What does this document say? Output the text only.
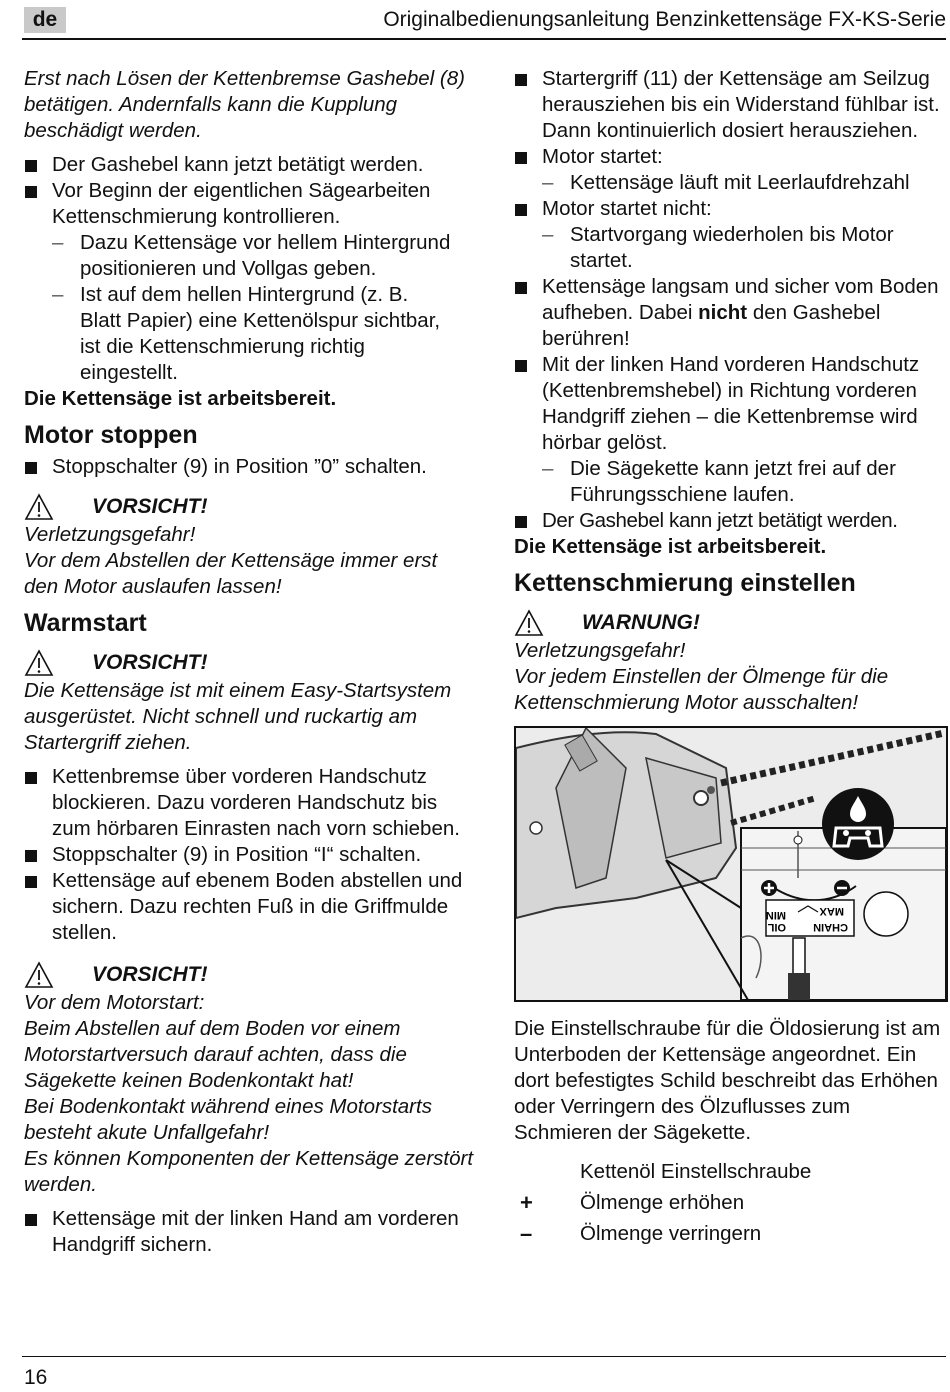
de	Originalbedienungsanleitung Benzinkettensäge FX-KS-Serie

Erst nach Lösen der Kettenbremse Gashebel (8) betätigen. Andernfalls kann die Kupplung beschädigt werden.

Der Gashebel kann jetzt betätigt werden.
Vor Beginn der eigentlichen Sägearbeiten Kettenschmierung kontrollieren.
– Dazu Kettensäge vor hellem Hintergrund positionieren und Vollgas geben.
– Ist auf dem hellen Hintergrund (z. B. Blatt Papier) eine Kettenölspur sichtbar, ist die Kettenschmierung richtig eingestellt.

Die Kettensäge ist arbeitsbereit.

Motor stoppen
Stoppschalter (9) in Position ”0” schalten.
VORSICHT!

Verletzungsgefahr!

Vor dem Abstellen der Kettensäge immer erst den Motor auslaufen lassen!

Warmstart
VORSICHT!

Die Kettensäge ist mit einem Easy-Startsystem ausgerüstet. Nicht schnell und ruckartig am Startergriff ziehen.

Kettenbremse über vorderen Handschutz blockieren. Dazu vorderen Handschutz bis zum hörbaren Einrasten nach vorn schieben.
Stoppschalter (9) in Position “I“ schalten.
Kettensäge auf ebenem Boden abstellen und sichern. Dazu rechten Fuß in die Griffmulde stellen.
VORSICHT!

Vor dem Motorstart:

Beim Abstellen auf dem Boden vor einem Motorstartversuch darauf achten, dass die Sägekette keinen Bodenkontakt hat!

Bei Bodenkontakt während eines Motorstarts besteht akute Unfallgefahr!

Es können Komponenten der Kettensäge zerstört werden.

Kettensäge mit der linken Hand am vorderen Handgriff sichern.
Startergriff (11) der Kettensäge am Seilzug herausziehen bis ein Widerstand fühlbar ist. Dann kontinuierlich dosiert herausziehen.
Motor startet:
– Kettensäge läuft mit Leerlaufdrehzahl
Motor startet nicht:
– Startvorgang wiederholen bis Motor startet.
Kettensäge langsam und sicher vom Boden aufheben. Dabei nicht den Gashebel berühren!
Mit der linken Hand vorderen Handschutz (Kettenbremshebel) in Richtung vorderen Handgriff ziehen – die Kettenbremse wird hörbar gelöst.
– Die Sägekette kann jetzt frei auf der Führungsschiene laufen.
Der Gashebel kann jetzt betätigt werden.

Die Kettensäge ist arbeitsbereit.

Kettenschmierung einstellen
WARNUNG!

Verletzungsgefahr!

Vor jedem Einstellen der Ölmenge für die Kettenschmierung Motor ausschalten!

MIN
OIL CHAIN
MAX

Die Einstellschraube für die Öldosierung ist am Unterboden der Kettensäge angeordnet. Ein dort befestigtes Schild beschreibt das Erhöhen oder Verringern des Ölzuflusses zum Schmieren der Sägekette.

Kettenöl Einstellschraube
+	Ölmenge erhöhen
–	Ölmenge verringern
16
